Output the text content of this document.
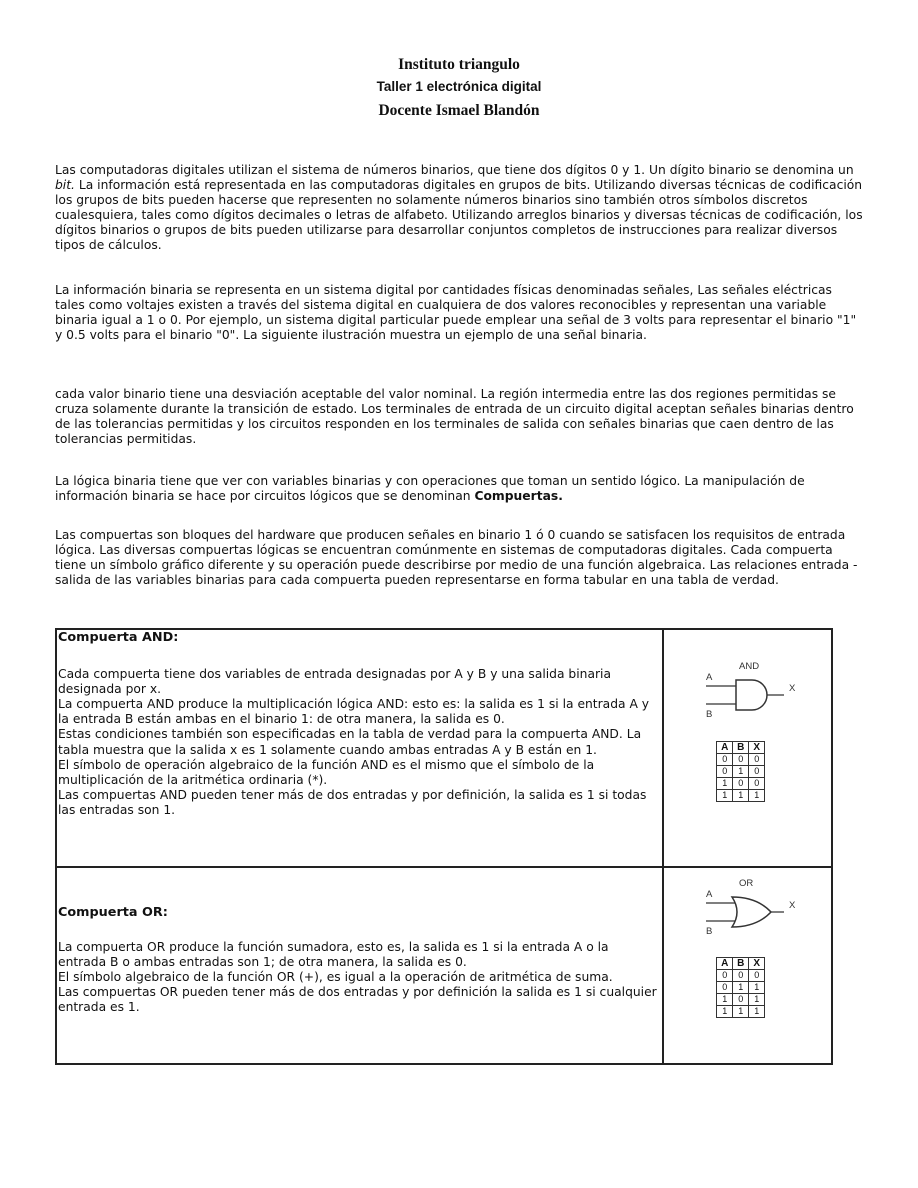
Instituto triangulo
Taller 1 electrónica digital
Docente Ismael Blandón

Las computadoras digitales utilizan el sistema de números binarios, que tiene dos dígitos 0 y 1. Un dígito binario se denomina un bit. La información está representada en las computadoras digitales en grupos de bits. Utilizando diversas técnicas de codificación los grupos de bits pueden hacerse que representen no solamente números binarios sino también otros símbolos discretos cualesquiera, tales como dígitos decimales o letras de alfabeto. Utilizando arreglos binarios y diversas técnicas de codificación, los dígitos binarios o grupos de bits pueden utilizarse para desarrollar conjuntos completos de instrucciones para realizar diversos tipos de cálculos.

La información binaria se representa en un sistema digital por cantidades físicas denominadas señales, Las señales eléctricas tales como voltajes existen a través del sistema digital en cualquiera de dos valores reconocibles y representan una variable binaria igual a 1 o 0. Por ejemplo, un sistema digital particular puede emplear una señal de 3 volts para representar el binario "1" y 0.5 volts para el binario "0". La siguiente ilustración muestra un ejemplo de una señal binaria.

cada valor binario tiene una desviación aceptable del valor nominal. La región intermedia entre las dos regiones permitidas se cruza solamente durante la transición de estado. Los terminales de entrada de un circuito digital aceptan señales binarias dentro de las tolerancias permitidas y los circuitos responden en los terminales de salida con señales binarias que caen dentro de las tolerancias permitidas.

La lógica binaria tiene que ver con variables binarias y con operaciones que toman un sentido lógico. La manipulación de información binaria se hace por circuitos lógicos que se denominan Compuertas.

Las compuertas son bloques del hardware que producen señales en binario 1 ó 0 cuando se satisfacen los requisitos de entrada lógica. Las diversas compuertas lógicas se encuentran comúnmente en sistemas de computadoras digitales. Cada compuerta tiene un símbolo gráfico diferente y su operación puede describirse por medio de una función algebraica. Las relaciones entrada - salida de las variables binarias para cada compuerta pueden representarse en forma tabular en una tabla de verdad.

Compuerta AND:
Cada compuerta tiene dos variables de entrada designadas por A y B y una salida binaria designada por x.
La compuerta AND produce la multiplicación lógica AND: esto es: la salida es 1 si la entrada A y la entrada B están ambas en el binario 1: de otra manera, la salida es 0.
Estas condiciones también son especificadas en la tabla de verdad para la compuerta AND. La tabla muestra que la salida x es 1 solamente cuando ambas entradas A y B están en 1.
El símbolo de operación algebraico de la función AND es el mismo que el símbolo de la multiplicación de la aritmética ordinaria (*).
Las compuertas AND pueden tener más de dos entradas y por definición, la salida es 1 si todas las entradas son 1.

AND
A
B
X
A	B	X
0	0	0
0	1	0
1	0	0
1	1	1

Compuerta OR:
La compuerta OR produce la función sumadora, esto es, la salida es 1 si la entrada A o la entrada B o ambas entradas son 1; de otra manera, la salida es 0.
El símbolo algebraico de la función OR (+), es igual a la operación de aritmética de suma.
Las compuertas OR pueden tener más de dos entradas y por definición la salida es 1 si cualquier entrada es 1.

OR
A
B
X
A	B	X
0	0	0
0	1	1
1	0	1
1	1	1
